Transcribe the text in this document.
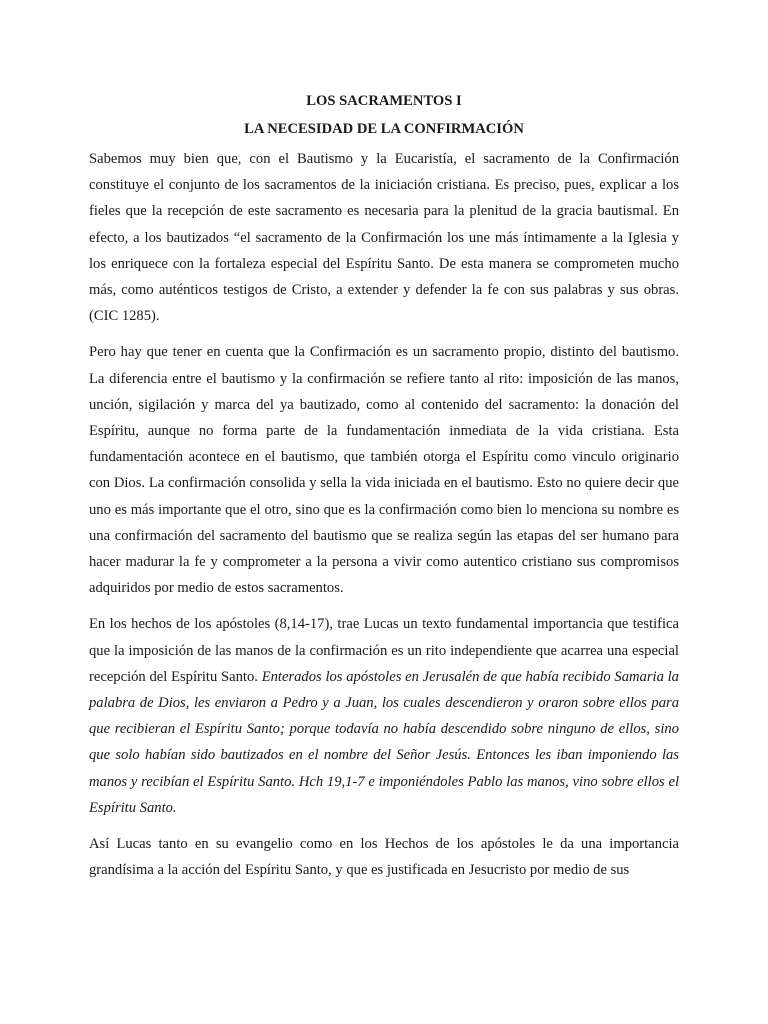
LOS SACRAMENTOS I

LA NECESIDAD DE LA CONFIRMACIÓN

Sabemos muy bien que, con el Bautismo y la Eucaristía, el sacramento de la Confirmación constituye el conjunto de los sacramentos de la iniciación cristiana. Es preciso, pues, explicar a los fieles que la recepción de este sacramento es necesaria para la plenitud de la gracia bautismal. En efecto, a los bautizados “el sacramento de la Confirmación los une más íntimamente a la Iglesia y los enriquece con la fortaleza especial del Espíritu Santo. De esta manera se comprometen mucho más, como auténticos testigos de Cristo, a extender y defender la fe con sus palabras y sus obras. (CIC 1285).

Pero hay que tener en cuenta que la Confirmación es un sacramento propio, distinto del bautismo. La diferencia entre el bautismo y la confirmación se refiere tanto al rito: imposición de las manos, unción, sigilación y marca del ya bautizado, como al contenido del sacramento: la donación del Espíritu, aunque no forma parte de la fundamentación inmediata de la vida cristiana. Esta fundamentación acontece en el bautismo, que también otorga el Espíritu como vinculo originario con Dios. La confirmación consolida y sella la vida iniciada en el bautismo. Esto no quiere decir que uno es más importante que el otro, sino que es la confirmación como bien lo menciona su nombre es una confirmación del sacramento del bautismo que se realiza según las etapas del ser humano para hacer madurar la fe y comprometer a la persona a vivir como autentico cristiano sus compromisos adquiridos por medio de estos sacramentos.

En los hechos de los apóstoles (8,14-17), trae Lucas un texto fundamental importancia que testifica que la imposición de las manos de la confirmación es un rito independiente que acarrea una especial recepción del Espíritu Santo. Enterados los apóstoles en Jerusalén de que había recibido Samaria la palabra de Dios, les enviaron a Pedro y a Juan, los cuales descendieron y oraron sobre ellos para que recibieran el Espíritu Santo; porque todavía no había descendido sobre ninguno de ellos, sino que solo habían sido bautizados en el nombre del Señor Jesús. Entonces les iban imponiendo las manos y recibían el Espíritu Santo. Hch 19,1-7 e imponiéndoles Pablo las manos, vino sobre ellos el Espíritu Santo.

Así Lucas tanto en su evangelio como en los Hechos de los apóstoles le da una importancia grandísima a la acción del Espíritu Santo, y que es justificada en Jesucristo por medio de sus
